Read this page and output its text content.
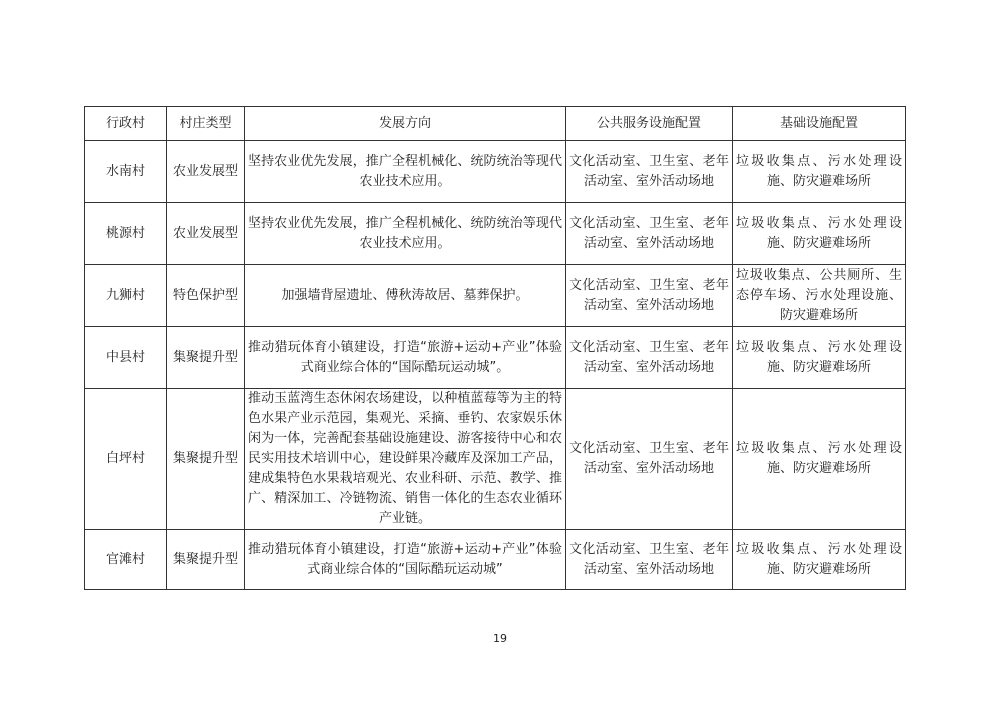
行政村	村庄类型	发展方向	公共服务设施配置	基础设施配置
水南村	农业发展型	坚持农业优先发展，推广全程机械化、统防统治等现代农业技术应用。	文化活动室、卫生室、老年活动室、室外活动场地	垃圾收集点、污水处理设施、防灾避难场所
桃源村	农业发展型	坚持农业优先发展，推广全程机械化、统防统治等现代农业技术应用。	文化活动室、卫生室、老年活动室、室外活动场地	垃圾收集点、污水处理设施、防灾避难场所
九狮村	特色保护型	加强墙背屋遗址、傅秋涛故居、墓葬保护。	文化活动室、卫生室、老年活动室、室外活动场地	垃圾收集点、公共厕所、生态停车场、污水处理设施、防灾避难场所
中县村	集聚提升型	推动猎玩体育小镇建设，打造“旅游+运动+产业”体验式商业综合体的“国际酷玩运动城”。	文化活动室、卫生室、老年活动室、室外活动场地	垃圾收集点、污水处理设施、防灾避难场所
白坪村	集聚提升型	推动玉蓝湾生态休闲农场建设，以种植蓝莓等为主的特色水果产业示范园，集观光、采摘、垂钓、农家娱乐休闲为一体，完善配套基础设施建设、游客接待中心和农民实用技术培训中心，建设鲜果冷藏库及深加工产品，建成集特色水果栽培观光、农业科研、示范、教学、推广、精深加工、冷链物流、销售一体化的生态农业循环产业链。	文化活动室、卫生室、老年活动室、室外活动场地	垃圾收集点、污水处理设施、防灾避难场所
官滩村	集聚提升型	推动猎玩体育小镇建设，打造“旅游+运动+产业”体验式商业综合体的“国际酷玩运动城”	文化活动室、卫生室、老年活动室、室外活动场地	垃圾收集点、污水处理设施、防灾避难场所
19
